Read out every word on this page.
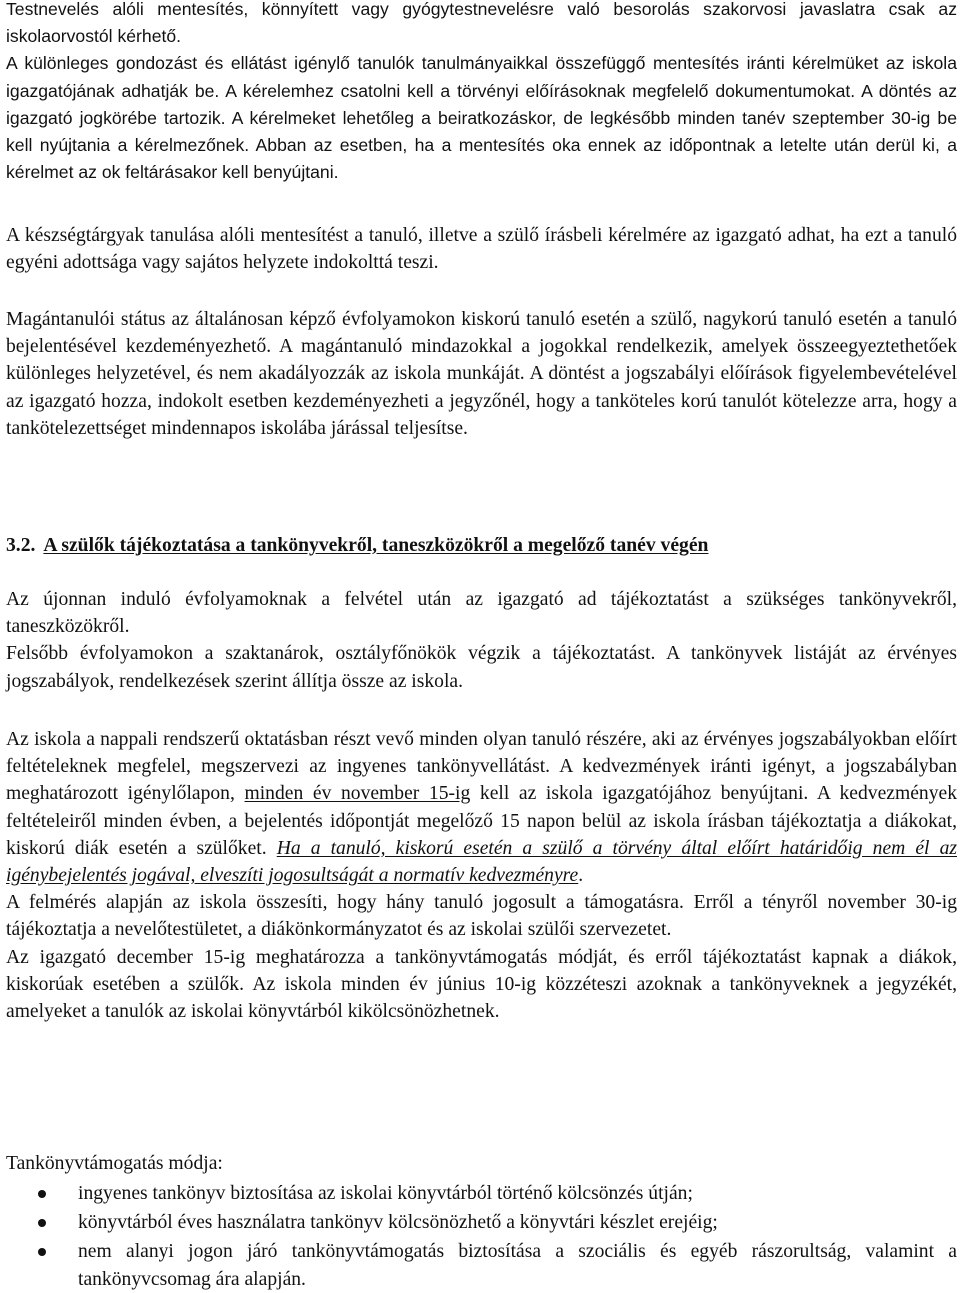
Testnevelés alóli mentesítés, könnyített vagy gyógytestnevelésre való besorolás szakorvosi javaslatra csak az iskolaorvostól kérhető.
A különleges gondozást és ellátást igénylő tanulók tanulmányaikkal összefüggő mentesítés iránti kérelmüket az iskola igazgatójának adhatják be. A kérelemhez csatolni kell a törvényi előírásoknak megfelelő dokumentumokat. A döntés az igazgató jogkörébe tartozik. A kérelmeket lehetőleg a beiratkozáskor, de legkésőbb minden tanév szeptember 30-ig be kell nyújtania a kérelmezőnek. Abban az esetben, ha a mentesítés oka ennek az időpontnak a letelte után derül ki, a kérelmet az ok feltárásakor kell benyújtani.

A készségtárgyak tanulása alóli mentesítést a tanuló, illetve a szülő írásbeli kérelmére az igazgató adhat, ha ezt a tanuló egyéni adottsága vagy sajátos helyzete indokolttá teszi.

Magántanulói státus az általánosan képző évfolyamokon kiskorú tanuló esetén a szülő, nagykorú tanuló esetén a tanuló bejelentésével kezdeményezhető. A magántanuló mindazokkal a jogokkal rendelkezik, amelyek összeegyeztethetőek különleges helyzetével, és nem akadályozzák az iskola munkáját. A döntést a jogszabályi előírások figyelembevételével az igazgató hozza, indokolt esetben kezdeményezheti a jegyzőnél, hogy a tanköteles korú tanulót kötelezze arra, hogy a tankötelezettséget mindennapos iskolába járással teljesítse.

3.2. A szülők tájékoztatása a tankönyvekről, taneszközökről a megelőző tanév végén

Az újonnan induló évfolyamoknak a felvétel után az igazgató ad tájékoztatást a szükséges tankönyvekről, taneszközökről.
Felsőbb évfolyamokon a szaktanárok, osztályfőnökök végzik a tájékoztatást. A tankönyvek listáját az érvényes jogszabályok, rendelkezések szerint állítja össze az iskola.

Az iskola a nappali rendszerű oktatásban részt vevő minden olyan tanuló részére, aki az érvényes jogszabályokban előírt feltételeknek megfelel, megszervezi az ingyenes tankönyvellátást. A kedvezmények iránti igényt, a jogszabályban meghatározott igénylőlapon, minden év november 15-ig kell az iskola igazgatójához benyújtani. A kedvezmények feltételeiről minden évben, a bejelentés időpontját megelőző 15 napon belül az iskola írásban tájékoztatja a diákokat, kiskorú diák esetén a szülőket. Ha a tanuló, kiskorú esetén a szülő a törvény által előírt határidőig nem él az igénybejelentés jogával, elveszíti jogosultságát a normatív kedvezményre.
A felmérés alapján az iskola összesíti, hogy hány tanuló jogosult a támogatásra. Erről a tényről november 30-ig tájékoztatja a nevelőtestületet, a diákönkormányzatot és az iskolai szülői szervezetet.
Az igazgató december 15-ig meghatározza a tankönyvtámogatás módját, és erről tájékoztatást kapnak a diákok, kiskorúak esetében a szülők. Az iskola minden év június 10-ig közzéteszi azoknak a tankönyveknek a jegyzékét, amelyeket a tanulók az iskolai könyvtárból kikölcsönözhetnek.

Tankönyvtámogatás módja:

ingyenes tankönyv biztosítása az iskolai könyvtárból történő kölcsönzés útján;
könyvtárból éves használatra tankönyv kölcsönözhető a könyvtári készlet erejéig;
nem alanyi jogon járó tankönyvtámogatás biztosítása a szociális és egyéb rászorultság, valamint a tankönyvcsomag ára alapján.
